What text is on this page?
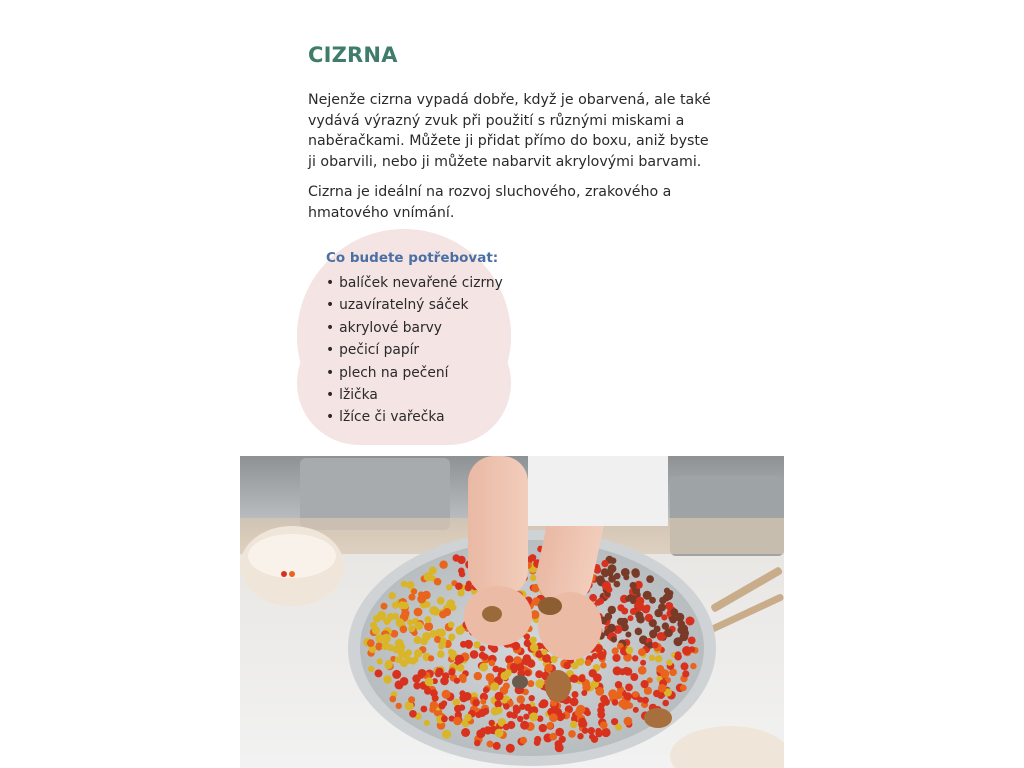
CIZRNA

Nejenže cizrna vypadá dobře, když je obarvená, ale také vydává výrazný zvuk při použití s různými miskami a naběračkami. Můžete ji přidat přímo do boxu, aniž byste ji obarvili, nebo ji můžete nabarvit akrylovými barvami.

Cizrna je ideální na rozvoj sluchového, zrakového a hmatového vnímání.

Co budete potřebovat:

• balíček nevařené cizrny
• uzavíratelný sáček
• akrylové barvy
• pečicí papír
• plech na pečení
• lžička
• lžíce či vařečka
